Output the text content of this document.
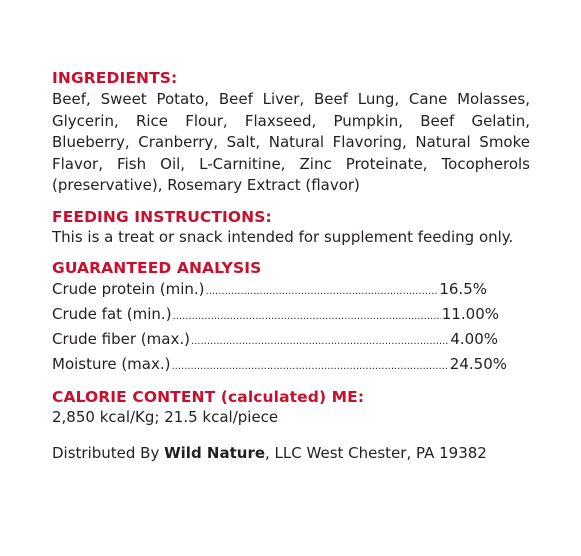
INGREDIENTS:
Beef, Sweet Potato, Beef Liver, Beef Lung, Cane Molasses, Glycerin, Rice Flour, Flaxseed, Pumpkin, Beef Gelatin, Blueberry, Cranberry, Salt, Natural Flavoring, Natural Smoke Flavor, Fish Oil, L-Carnitine, Zinc Proteinate, Tocopherols (preservative), Rosemary Extract (flavor)
FEEDING INSTRUCTIONS:
This is a treat or snack intended for supplement feeding only.
GUARANTEED ANALYSIS
Crude protein (min.) .....	16.5%
Crude fat (min.) .....	11.00%
Crude fiber (max.) .....	4.00%
Moisture (max.) .....	24.50%
CALORIE CONTENT (calculated) ME:
2,850 kcal/Kg; 21.5 kcal/piece
Distributed By Wild Nature, LLC West Chester, PA 19382
